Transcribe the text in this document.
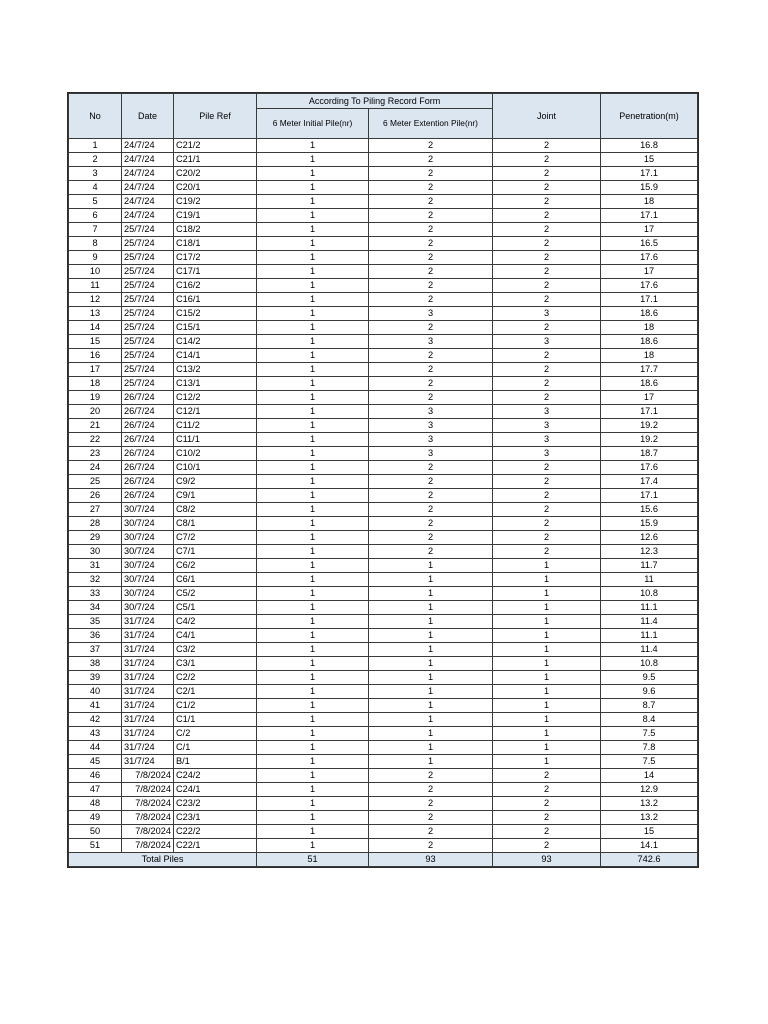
No	Date	Pile Ref	According To Piling Record Form		Joint	Penetration(m)
			6 Meter Initial Pile(nr)	6 Meter Extention Pile(nr)		
1	24/7/24	C21/2	1	2	2	16.8
2	24/7/24	C21/1	1	2	2	15
3	24/7/24	C20/2	1	2	2	17.1
4	24/7/24	C20/1	1	2	2	15.9
5	24/7/24	C19/2	1	2	2	18
6	24/7/24	C19/1	1	2	2	17.1
7	25/7/24	C18/2	1	2	2	17
8	25/7/24	C18/1	1	2	2	16.5
9	25/7/24	C17/2	1	2	2	17.6
10	25/7/24	C17/1	1	2	2	17
11	25/7/24	C16/2	1	2	2	17.6
12	25/7/24	C16/1	1	2	2	17.1
13	25/7/24	C15/2	1	3	3	18.6
14	25/7/24	C15/1	1	2	2	18
15	25/7/24	C14/2	1	3	3	18.6
16	25/7/24	C14/1	1	2	2	18
17	25/7/24	C13/2	1	2	2	17.7
18	25/7/24	C13/1	1	2	2	18.6
19	26/7/24	C12/2	1	2	2	17
20	26/7/24	C12/1	1	3	3	17.1
21	26/7/24	C11/2	1	3	3	19.2
22	26/7/24	C11/1	1	3	3	19.2
23	26/7/24	C10/2	1	3	3	18.7
24	26/7/24	C10/1	1	2	2	17.6
25	26/7/24	C9/2	1	2	2	17.4
26	26/7/24	C9/1	1	2	2	17.1
27	30/7/24	C8/2	1	2	2	15.6
28	30/7/24	C8/1	1	2	2	15.9
29	30/7/24	C7/2	1	2	2	12.6
30	30/7/24	C7/1	1	2	2	12.3
31	30/7/24	C6/2	1	1	1	11.7
32	30/7/24	C6/1	1	1	1	11
33	30/7/24	C5/2	1	1	1	10.8
34	30/7/24	C5/1	1	1	1	11.1
35	31/7/24	C4/2	1	1	1	11.4
36	31/7/24	C4/1	1	1	1	11.1
37	31/7/24	C3/2	1	1	1	11.4
38	31/7/24	C3/1	1	1	1	10.8
39	31/7/24	C2/2	1	1	1	9.5
40	31/7/24	C2/1	1	1	1	9.6
41	31/7/24	C1/2	1	1	1	8.7
42	31/7/24	C1/1	1	1	1	8.4
43	31/7/24	C/2	1	1	1	7.5
44	31/7/24	C/1	1	1	1	7.8
45	31/7/24	B/1	1	1	1	7.5
46	7/8/2024	C24/2	1	2	2	14
47	7/8/2024	C24/1	1	2	2	12.9
48	7/8/2024	C23/2	1	2	2	13.2
49	7/8/2024	C23/1	1	2	2	13.2
50	7/8/2024	C22/2	1	2	2	15
51	7/8/2024	C22/1	1	2	2	14.1
Total Piles			51	93	93	742.6
